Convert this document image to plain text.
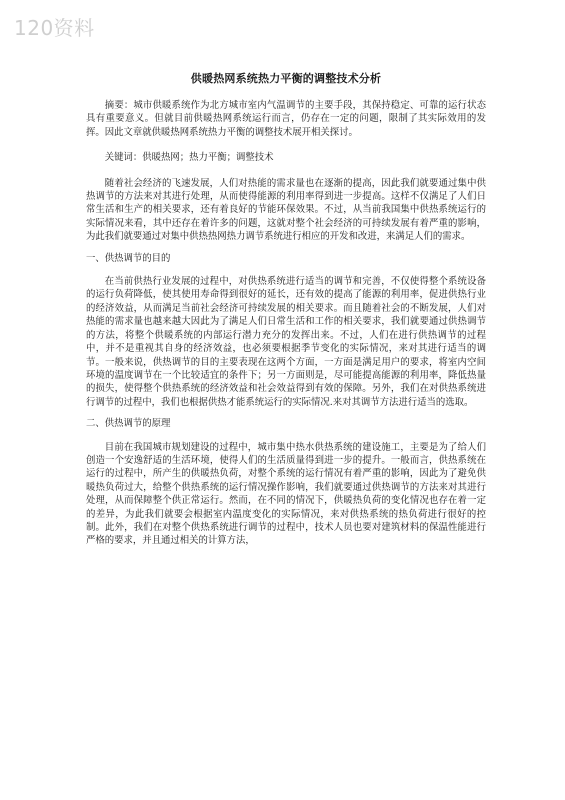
120资料
供暖热网系统热力平衡的调整技术分析

摘要：城市供暖系统作为北方城市室内气温调节的主要手段，其保持稳定、可靠的运行状态具有重要意义。但就目前供暖热网系统运行而言，仍存在一定的问题，限制了其实际效用的发挥。因此文章就供暖热网系统热力平衡的调整技术展开相关探讨。

关键词：供暖热网；热力平衡；调整技术

随着社会经济的飞速发展，人们对热能的需求量也在逐渐的提高，因此我们就要通过集中供热调节的方法来对其进行处理，从而使得能源的利用率得到进一步提高。这样不仅满足了人们日常生活和生产的相关要求，还有着良好的节能环保效果。不过，从当前我国集中供热系统运行的实际情况来看，其中还存在着许多的问题，这就对整个社会经济的可持续发展有着严重的影响，为此我们就要通过对集中供热热网热力调节系统进行相应的开发和改进，来满足人们的需求。

一、供热调节的目的

在当前供热行业发展的过程中，对供热系统进行适当的调节和完善，不仅使得整个系统设备的运行负荷降低，使其使用寿命得到很好的延长，还有效的提高了能源的利用率，促进供热行业的经济效益，从而满足当前社会经济可持续发展的相关要求。而且随着社会的不断发展，人们对热能的需求量也越来越大因此为了满足人们日常生活和工作的相关要求，我们就要通过供热调节的方法，将整个供暖系统的内部运行潜力充分的发挥出来。不过，人们在进行供热调节的过程中，并不是重视其自身的经济效益，也必须要根据季节变化的实际情况，来对其进行适当的调节。一般来说，供热调节的目的主要表现在这两个方面，一方面是满足用户的要求，将室内空间环境的温度调节在一个比较适宜的条件下；另一方面则是，尽可能提高能源的利用率，降低热量的损失，使得整个供热系统的经济效益和社会效益得到有效的保障。另外，我们在对供热系统进行调节的过程中，我们也根据供热才能系统运行的实际情况.来对其调节方法进行适当的选取。

二、供热调节的原理

目前在我国城市规划建设的过程中，城市集中热水供热系统的建设施工，主要是为了给人们创造一个安逸舒适的生活环境，使得人们的生活质量得到进一步的提升。一般而言，供热系统在运行的过程中，所产生的供暖热负荷，对整个系统的运行情况有着严重的影响，因此为了避免供暖热负荷过大，给整个供热系统的运行情况操作影响，我们就要通过供热调节的方法来对其进行处理，从而保障整个供正常运行。然而，在不同的情况下，供暖热负荷的变化情况也存在着一定的差异，为此我们就要会根据室内温度变化的实际情况，来对供热系统的热负荷进行很好的控制。此外，我们在对整个供热系统进行调节的过程中，技术人员也要对建筑材料的保温性能进行严格的要求，并且通过相关的计算方法，
